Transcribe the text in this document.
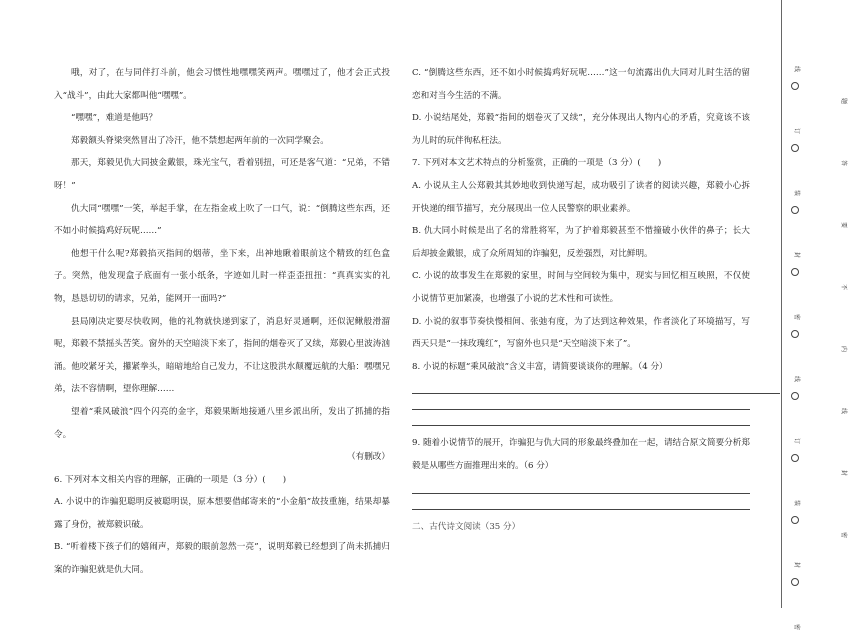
哦，对了，在与同伴打斗前，他会习惯性地嘿嘿笑两声。嘿嘿过了，他才会正式投入“战斗”，由此大家都叫他“嘿嘿”。

“嘿嘿”，难道是他吗？

郑毅额头脊梁突然冒出了冷汗，他不禁想起两年前的一次同学聚会。

那天，郑毅见仇大同披金戴银，珠光宝气，看着别扭，可还是客气道：“兄弟，不错呀！”

仇大同“嘿嘿”一笑，举起手掌，在左指金戒上吹了一口气，说：“倒腾这些东西，还不如小时候捣鸡好玩呢……”

他想干什么呢?郑毅掐灭指间的烟蒂，坐下来，出神地瞅着眼前这个精致的红色盒子。突然，他发现盒子底面有一张小纸条，字迹如儿时一样歪歪扭扭：“真真实实的礼物，恳恳切切的请求，兄弟，能网开一面吗?”

县局刚决定要尽快收网，他的礼物就快递到家了，消息好灵通啊，还似泥鳅般滑溜呢，郑毅不禁摇头苦笑。窗外的天空暗淡下来了，指间的烟卷灭了又续，郑毅心里波涛汹涌。他咬紧牙关，攥紧拳头，暗暗地给自己发力，不让这股洪水颠覆远航的大船：嘿嘿兄弟，法不容情啊，望你理解……

望着“乘风破浪”四个闪亮的金字，郑毅果断地接通八里乡派出所，发出了抓捕的指令。

（有删改）

6. 下列对本文相关内容的理解，正确的一项是（3 分）(　　)

A. 小说中的诈骗犯聪明反被聪明误，原本想要借邮寄来的“小金船”故技重施，结果却暴露了身份，被郑毅识破。

B. “听着楼下孩子们的嬉闹声，郑毅的眼前忽然一亮”，说明郑毅已经想到了尚未抓捕归案的诈骗犯就是仇大同。

C. “倒腾这些东西，还不如小时候捣鸡好玩呢……”这一句流露出仇大同对儿时生活的留恋和对当今生活的不满。

D. 小说结尾处，郑毅“指间的烟卷灭了又续”，充分体现出人物内心的矛盾，究竟该不该为儿时的玩伴徇私枉法。

7. 下列对本文艺术特点的分析鉴赏，正确的一项是（3 分）(　　)

A. 小说从主人公郑毅其其妙地收到快递写起，成功吸引了读者的阅读兴趣，郑毅小心拆开快递的细节描写，充分展现出一位人民警察的职业素养。

B. 仇大同小时候是出了名的常胜将军，为了护着郑毅甚至不惜撞破小伙伴的鼻子；长大后却披金戴银，成了众所周知的诈骗犯，反差强烈，对比鲜明。

C. 小说的故事发生在郑毅的家里，时间与空间较为集中，现实与回忆相互映照，不仅使小说情节更加紧凑，也增强了小说的艺术性和可读性。

D. 小说的叙事节奏快慢相间、张弛有度，为了达到这种效果，作者淡化了环境描写，写西天只是“一抹玫瑰红”，写窗外也只是“天空暗淡下来了”。

8. 小说的标题“乘风破浪”含义丰富，请简要谈谈你的理解。（4 分）

9. 随着小说情节的展开，诈骗犯与仇大同的形象最终叠加在一起，请结合原文简要分析郑毅是从哪些方面推理出来的。（6 分）

二、古代诗文阅读（35 分）

线
订
装
封
密
线
订
装
封
密
题
答
要
不
内
线
封
密
